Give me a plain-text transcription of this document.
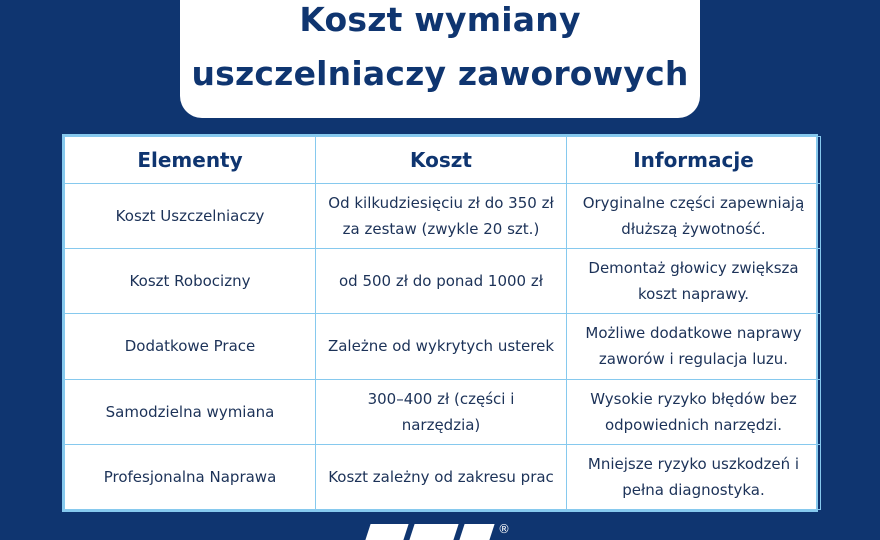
Koszt wymiany
uszczelniaczy zaworowych
Elementy	Koszt	Informacje
Koszt Uszczelniaczy	Od kilkudziesięciu zł do 350 zł za zestaw (zwykle 20 szt.)	Oryginalne części zapewniają dłuższą żywotność.
Koszt Robocizny	od 500 zł do ponad 1000 zł	Demontaż głowicy zwiększa koszt naprawy.
Dodatkowe Prace	Zależne od wykrytych usterek	Możliwe dodatkowe naprawy zaworów i regulacja luzu.
Samodzielna wymiana	300–400 zł (części i narzędzia)	Wysokie ryzyko błędów bez odpowiednich narzędzi.
Profesjonalna Naprawa	Koszt zależny od zakresu prac	Mniejsze ryzyko uszkodzeń i pełna diagnostyka.
®
